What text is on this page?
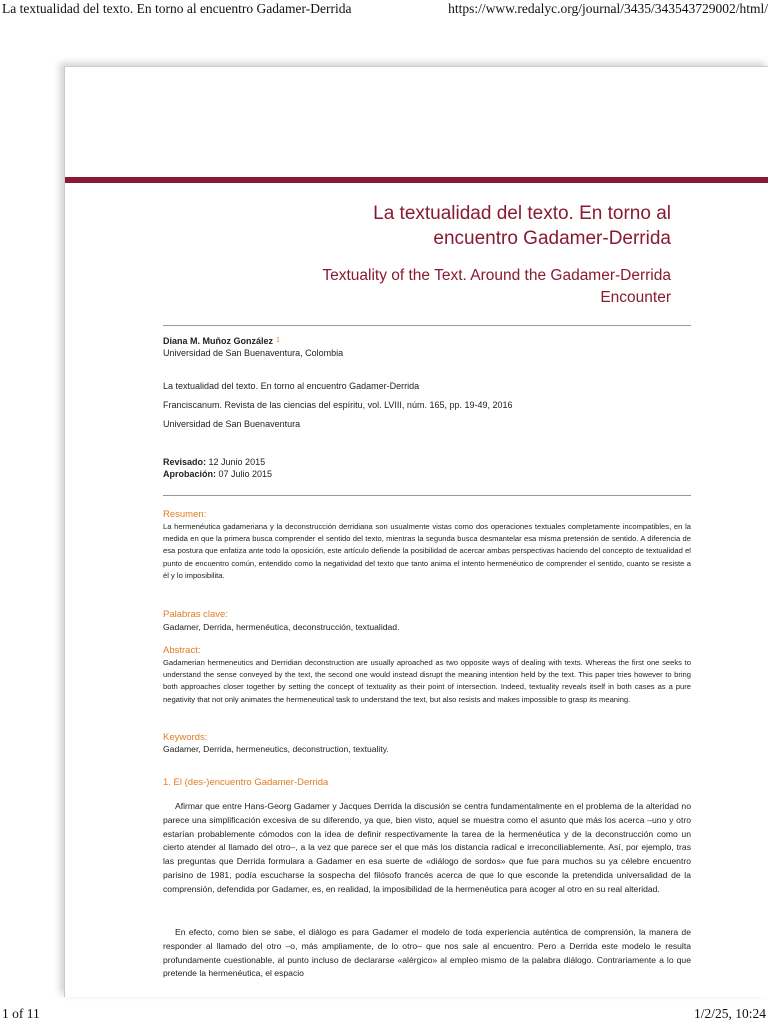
La textualidad del texto. En torno al encuentro Gadamer-Derrida	https://www.redalyc.org/journal/3435/343543729002/html/
La textualidad del texto. En torno al
encuentro Gadamer-Derrida
Textuality of the Text. Around the Gadamer-Derrida
Encounter
Diana M. Muñoz González $^1$
Universidad de San Buenaventura, Colombia
La textualidad del texto. En torno al encuentro Gadamer-Derrida
Franciscanum. Revista de las ciencias del espíritu, vol. LVIII, núm. 165, pp. 19-49, 2016
Universidad de San Buenaventura
Revisado: 12 Junio 2015
Aprobación: 07 Julio 2015
Resumen:
La hermenéutica gadameriana y la deconstrucción derridiana son usualmente vistas como dos operaciones textuales completamente incompatibles, en la medida en que la primera busca comprender el sentido del texto, mientras la segunda busca desmantelar esa misma pretensión de sentido. A diferencia de esa postura que enfatiza ante todo la oposición, este artículo defiende la posibilidad de acercar ambas perspectivas haciendo del concepto de textualidad el punto de encuentro común, entendido como la negatividad del texto que tanto anima el intento hermenéutico de comprender el sentido, cuanto se resiste a él y lo imposibilita.
Palabras clave:
Gadamer, Derrida, hermenéutica, deconstrucción, textualidad.
Abstract:
Gadamerian hermeneutics and Derridian deconstruction are usually aproached as two opposite ways of dealing with texts. Whereas the first one seeks to understand the sense conveyed by the text, the second one would instead disrupt the meaning intention held by the text. This paper tries however to bring both approaches closer together by setting the concept of textuality as their point of intersection. Indeed, textuality reveals itself in both cases as a pure negativity that not only animates the hermeneutical task to understand the text, but also resists and makes impossible to grasp its meaning.
Keywords:
Gadamer, Derrida, hermeneutics, deconstruction, textuality.
1. El (des-)encuentro Gadamer-Derrida
Afirmar que entre Hans-Georg Gadamer y Jacques Derrida la discusión se centra fundamentalmente en el problema de la alteridad no parece una simplificación excesiva de su diferendo, ya que, bien visto, aquel se muestra como el asunto que más los acerca –uno y otro estarían probablemente cómodos con la idea de definir respectivamente la tarea de la hermenéutica y de la deconstrucción como un cierto atender al llamado del otro–, a la vez que parece ser el que más los distancia radical e irreconciliablemente. Así, por ejemplo, tras las preguntas que Derrida formulara a Gadamer en esa suerte de «diálogo de sordos» que fue para muchos su ya célebre encuentro parisino de 1981, podía escucharse la sospecha del filósofo francés acerca de que lo que esconde la pretendida universalidad de la comprensión, defendida por Gadamer, es, en realidad, la imposibilidad de la hermenéutica para acoger al otro en su real alteridad.
En efecto, como bien se sabe, el diálogo es para Gadamer el modelo de toda experiencia auténtica de comprensión, la manera de responder al llamado del otro –o, más ampliamente, de lo otro– que nos sale al encuentro. Pero a Derrida este modelo le resulta profundamente cuestionable, al punto incluso de declararse «alérgico» al empleo mismo de la palabra diálogo. Contrariamente a lo que pretende la hermenéutica, el espacio
1 of 11	1/2/25, 10:24
